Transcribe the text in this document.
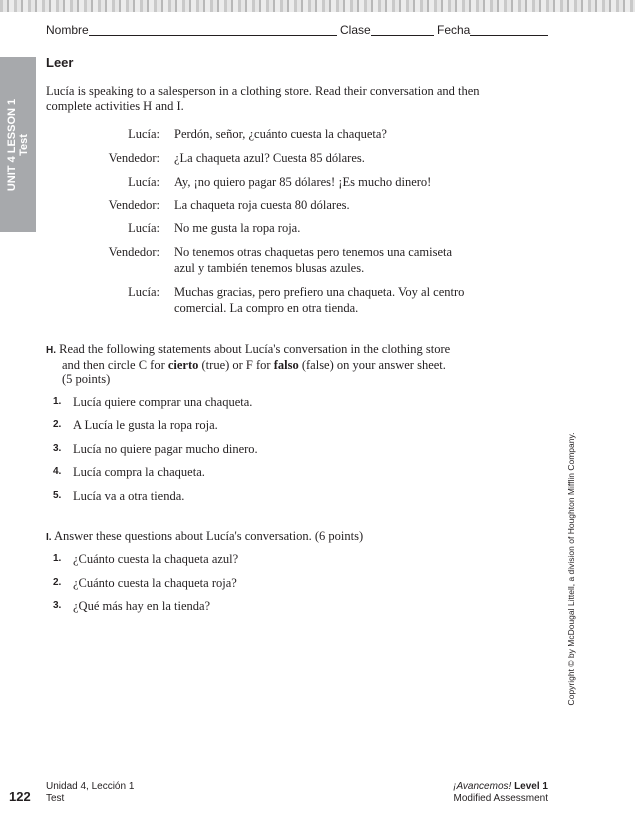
Nombre	Clase	Fecha
UNIT 4 LESSON 1 Test
Leer
Lucía is speaking to a salesperson in a clothing store. Read their conversation and then complete activities H and I.
Lucía: Perdón, señor, ¿cuánto cuesta la chaqueta?
Vendedor: ¿La chaqueta azul? Cuesta 85 dólares.
Lucía: Ay, ¡no quiero pagar 85 dólares! ¡Es mucho dinero!
Vendedor: La chaqueta roja cuesta 80 dólares.
Lucía: No me gusta la ropa roja.
Vendedor: No tenemos otras chaquetas pero tenemos una camiseta azul y también tenemos blusas azules.
Lucía: Muchas gracias, pero prefiero una chaqueta. Voy al centro comercial. La compro en otra tienda.
H. Read the following statements about Lucía's conversation in the clothing store
and then circle C for cierto (true) or F for falso (false) on your answer sheet.
(5 points)
1. Lucía quiere comprar una chaqueta.
2. A Lucía le gusta la ropa roja.
3. Lucía no quiere pagar mucho dinero.
4. Lucía compra la chaqueta.
5. Lucía va a otra tienda.
I. Answer these questions about Lucía's conversation. (6 points)
1. ¿Cuánto cuesta la chaqueta azul?
2. ¿Cuánto cuesta la chaqueta roja?
3. ¿Qué más hay en la tienda?	Copyright © by McDougal Littell, a division of Houghton Mifflin Company.
122
Unidad 4, Lección 1
Test
¡Avancemos! Level 1
Modified Assessment
